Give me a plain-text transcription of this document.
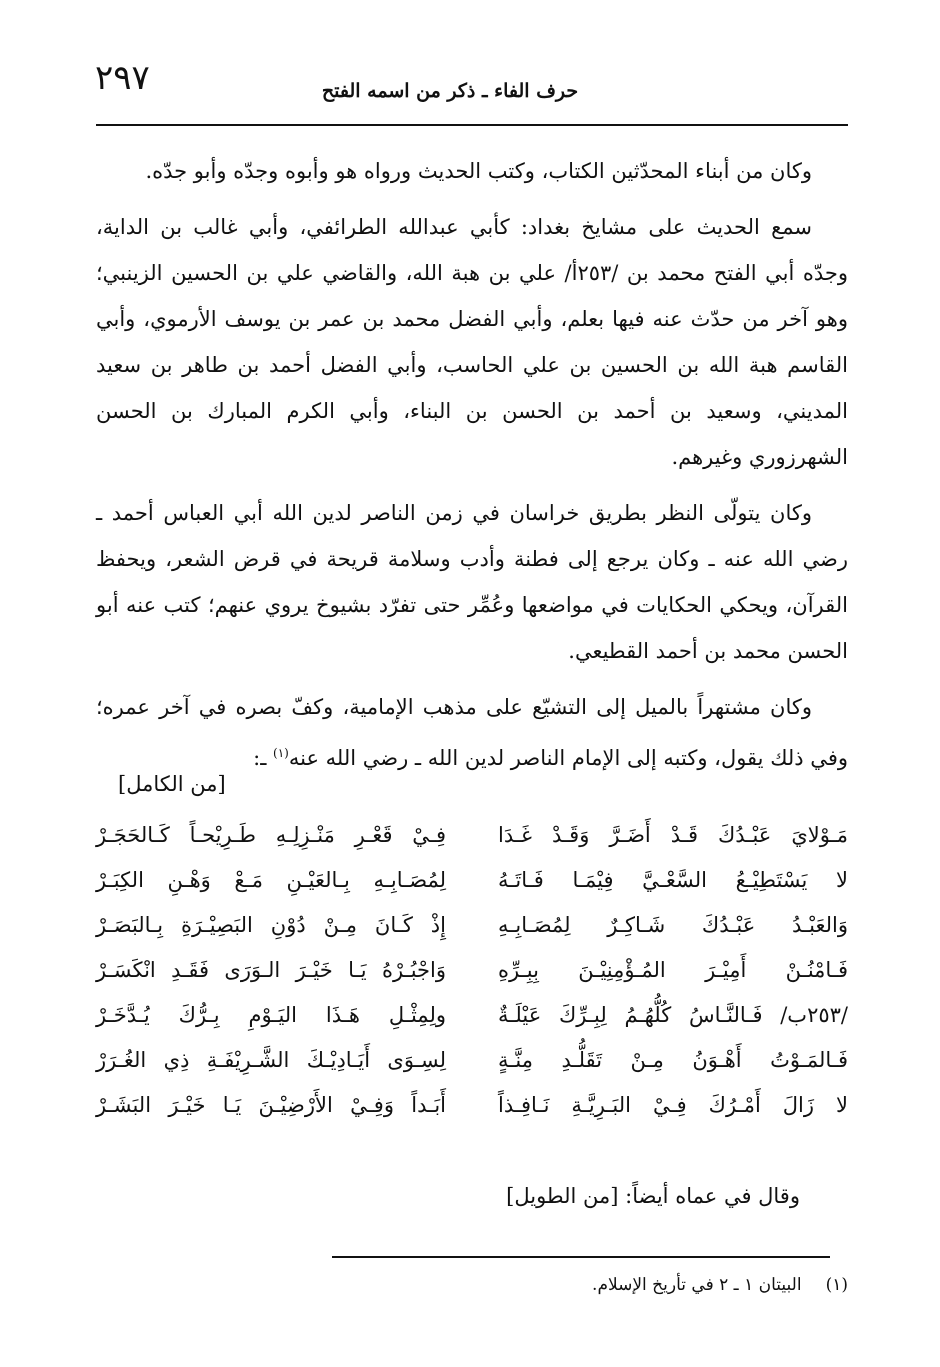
٢٩٧	حرف الفاء ـ ذكر من اسمه الفتح

وكان من أبناء المحدّثين الكتاب، وكتب الحديث ورواه هو وأبوه وجدّه وأبو جدّه.

سمع الحديث على مشايخ بغداد: كأبي عبدالله الطرائفي، وأبي غالب بن الداية، وجدّه أبي الفتح محمد بن /٢٥٣أ/ علي بن هبة الله، والقاضي علي بن الحسين الزينبي؛ وهو آخر من حدّث عنه فيها بعلم، وأبي الفضل محمد بن عمر بن يوسف الأرموي، وأبي القاسم هبة الله بن الحسين بن علي الحاسب، وأبي الفضل أحمد بن طاهر بن سعيد المديني، وسعيد بن أحمد بن الحسن بن البناء، وأبي الكرم المبارك بن الحسن الشهرزوري وغيرهم.

وكان يتولّى النظر بطريق خراسان في زمن الناصر لدين الله أبي العباس أحمد ـ رضي الله عنه ـ وكان يرجع إلى فطنة وأدب وسلامة قريحة في قرض الشعر، ويحفظ القرآن، ويحكي الحكايات في مواضعها وعُمِّر حتى تفرّد بشيوخ يروي عنهم؛ كتب عنه أبو الحسن محمد بن أحمد القطيعي.

وكان مشتهراً بالميل إلى التشيّع على مذهب الإمامية، وكفّ بصره في آخر عمره؛ وفي ذلك يقول، وكتبه إلى الإمام الناصر لدين الله ـ رضي الله عنه$^{(١)}$ ـ:

[من الكامل]
مَـوْلايَ عَبْـدُكَ قَـدْ أَضَـرَّ وَقَـدْ غَـدَا
فِـيْ قَعْـرِ مَنْـزِلِـهِ طَـرِيْحـاً كَـالحَجَـرْ
لا يَسْتَطِيْـعُ السَّعْـيَّ فِيْمَـا فَـاتَـهُ
لِمُصَـابِـهِ بِـالعَيْـنِ مَـعْ وَهْـنِ الكِبَـرْ
وَالعَبْـدُ عَبْـدُكَ شَـاكِـرٌ لِمُصَـابِـهِ
إِذْ كَـانَ مِـنْ دُوْنِ البَصِيْـرَةِ بِـالبَصَـرْ
فَـامْنُـنْ أَمِيْـرَ المُـؤْمِنِيْـنَ بِبِـرِّهِ
وَاجْبُـرْهُ يَـا خَيْـرَ الـوَرَى فَقَـدِ انْكَسَـرْ
/٢٥٣ب/ فَـالنَّـاسُ كُلُّهُـمُ لِبِـرِّكَ عَيْلَـةٌ
ولِمِثْـلِ هَـذَا اليَـوْمِ بِـرُّكَ يُـدَّخَـرْ
فَـالمَـوْتُ أَهْـوَنُ مِـنْ تَقَلُّـدِ مِنَّـةٍ
لِسِـوَى أَيَـادِيْـكَ الشَّـرِيْفَـةِ ذِي الغُـرَرْ
لا زَالَ أَمْـرُكَ فِـيْ البَـرِيَّـةِ نَـافِـذاً
أَبَـداً وَفِـيْ الأَرْضِيْـنَ يَـا خَيْـرَ البَشَـرْ
وقال في عماه أيضاً: [من الطويل]
(١)البيتان ١ ـ ٢ في تأريخ الإسلام.
